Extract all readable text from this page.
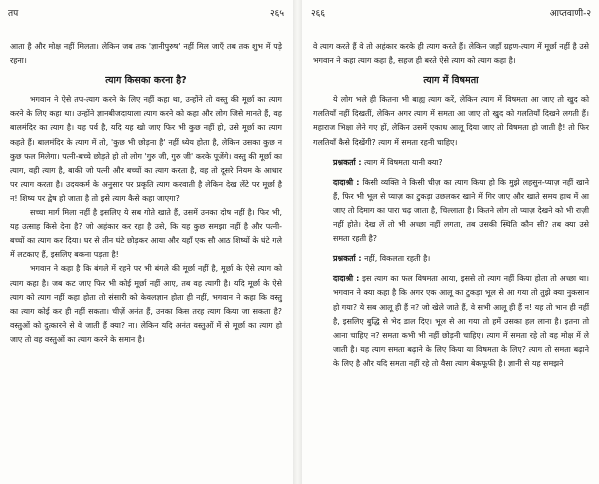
तप	२६५

आता है और मोक्ष नहीं मिलता। लेकिन जब तक 'ज्ञानीपुरुष' नहीं मिल जाएँ तब तक शुभ में पड़े रहना।

त्याग किसका करना है?

भगवान ने ऐसे तप-त्याग करने के लिए नहीं कहा था, उन्होंने तो वस्तु की मूर्छा का त्याग करने के लिए कहा था। उन्होंने ज्ञानबीजदायाला त्याग करने को कहा और लोग जिसे मानते हैं, वह बालमंदिर का त्याग है। यह पर्व है, यदि यह खो जाए फिर भी कुछ नहीं हो, उसे मूर्छा का त्याग कहते हैं। बालमंदिर के त्याग में तो, 'कुछ भी छोड़ना है' नहीं ध्येय होता है, लेकिन उसका कुछ न कुछ फल मिलेगा। पत्नी-बच्चे छोड़ते हो तो लोग 'गुरु जी, गुरु जी' करके पूजेंगे। वस्तु की मूर्छा का त्याग, वही त्याग है, बाकी जो पत्नी और बच्चों का त्याग करता है, वह तो दूसरे नियम के आधार पर त्याग करता है। उदयकर्म के अनुसार पर प्रकृति त्याग करवाती है लेकिन देख लेंटे पर मूर्छा है न! शिष्य पर द्वेष हो जाता है तो इसे त्याग कैसे कहा जाएगा?

सच्चा मार्ग मिला नहीं है इसलिए ये सब गोते खाते हैं, उसमें उनका दोष नहीं है। फिर भी, यह उत्साह किसे देना है? जो अहंकार कर रहा है उसे, कि यह कुछ समझा नहीं है और पत्नी-बच्चों का त्याग कर दिया। घर से तीन घंटे छोड़कर आया और यहाँ एक सौ आठ शिष्यों के घंटे गले में लटकाए हैं, इसलिए बकना पड़ता है!

भगवान ने कहा है कि बंगले में रहने पर भी बंगले की मूर्छा नहीं है, मूर्छा के ऐसे त्याग को त्याग कहा है। जब कट जाए फिर भी कोई मूर्छा नहीं आए, तब वह त्यागी है। यदि मूर्छा के ऐसे त्याग को त्याग नहीं कहा होता तो संसारी को केवलज्ञान होता ही नहीं, भगवान ने कहा कि वस्तु का त्याग कोई कर ही नहीं सकता। चीज़ें अनंत हैं, उनका किस तरह त्याग किया जा सकता है? वस्तुओं को दुत्कारने से वे जाती हैं क्या? ना। लेकिन यदि अनंत वस्तुओं में से मूर्छा का त्याग हो जाए तो वह वस्तुओं का त्याग करने के समान है।

२६६	आप्तवाणी-२

वे त्याग करते हैं वे तो अहंकार करके ही त्याग करते हैं। लेकिन जहाँ ग्रहण-त्याग में मूर्छा नहीं है उसे भगवान ने कहा त्याग कहा है, सहज ही बरते ऐसे त्याग को त्याग कहा है।

त्याग में विषमता

ये लोग भले ही कितना भी बाह्य त्याग करें, लेकिन त्याग में विषमता आ जाए तो खुद को गलतियाँ नहीं दिखतीं, लेकिन अगर त्याग में समता आ जाए तो खुद को गलतियाँ दिखने लगती हैं। महाराज भिक्षा लेने गए हों, लेकिन उसमें एकाध आलू दिया जाए तो विषमता हो जाती है! तो फिर गलतियाँ कैसे दिखेंगी? त्याग में समता रहनी चाहिए।

प्रश्नकर्ता : त्याग में विषमता यानी क्या?

दादाश्री : किसी व्यक्ति ने किसी चीज़ का त्याग किया हो कि मुझे लहसुन-प्याज़ नहीं खाने हैं, फिर भी भूल से प्याज़ का टुकड़ा उछलकर खाने में गिर जाए और खाते समय हाथ में आ जाए तो दिमाग का पारा चढ़ जाता है, चिल्लाता है। कितने लोग तो प्याज़ देखने को भी राज़ी नहीं होते। देख लें तो भी अच्छा नहीं लगता, तब उसकी स्थिति कौन सी? तब क्या उसे समता रहती है?

प्रश्नकर्ता : नहीं, विकलता रहती है।

दादाश्री : इस त्याग का फल विषमता आया, इससे तो त्याग नहीं किया होता तो अच्छा था। भगवान ने क्या कहा है कि अगर एक आलू का टुकड़ा भूल से आ गया तो तुझे क्या नुकसान हो गया? ये सब आलू ही हैं न? जो खेले जाते हैं, वे सभी आलू ही हैं न! यह तो भान ही नहीं है, इसलिए बुद्धि से भेद डाल दिए। भूल से आ गया तो हमें उसका हल लाना है। इतना तो आना चाहिए न? समता कभी भी नहीं छोड़नी चाहिए। त्याग में समता रहे तो वह मोक्ष में ले जाती है। यह त्याग समता बढ़ाने के लिए किया या विषमता के लिए? त्याग तो समता बढ़ाने के लिए है और यदि समता नहीं रहे तो वैसा त्याग बेकफूफी है। ज्ञानी से यह समझने
